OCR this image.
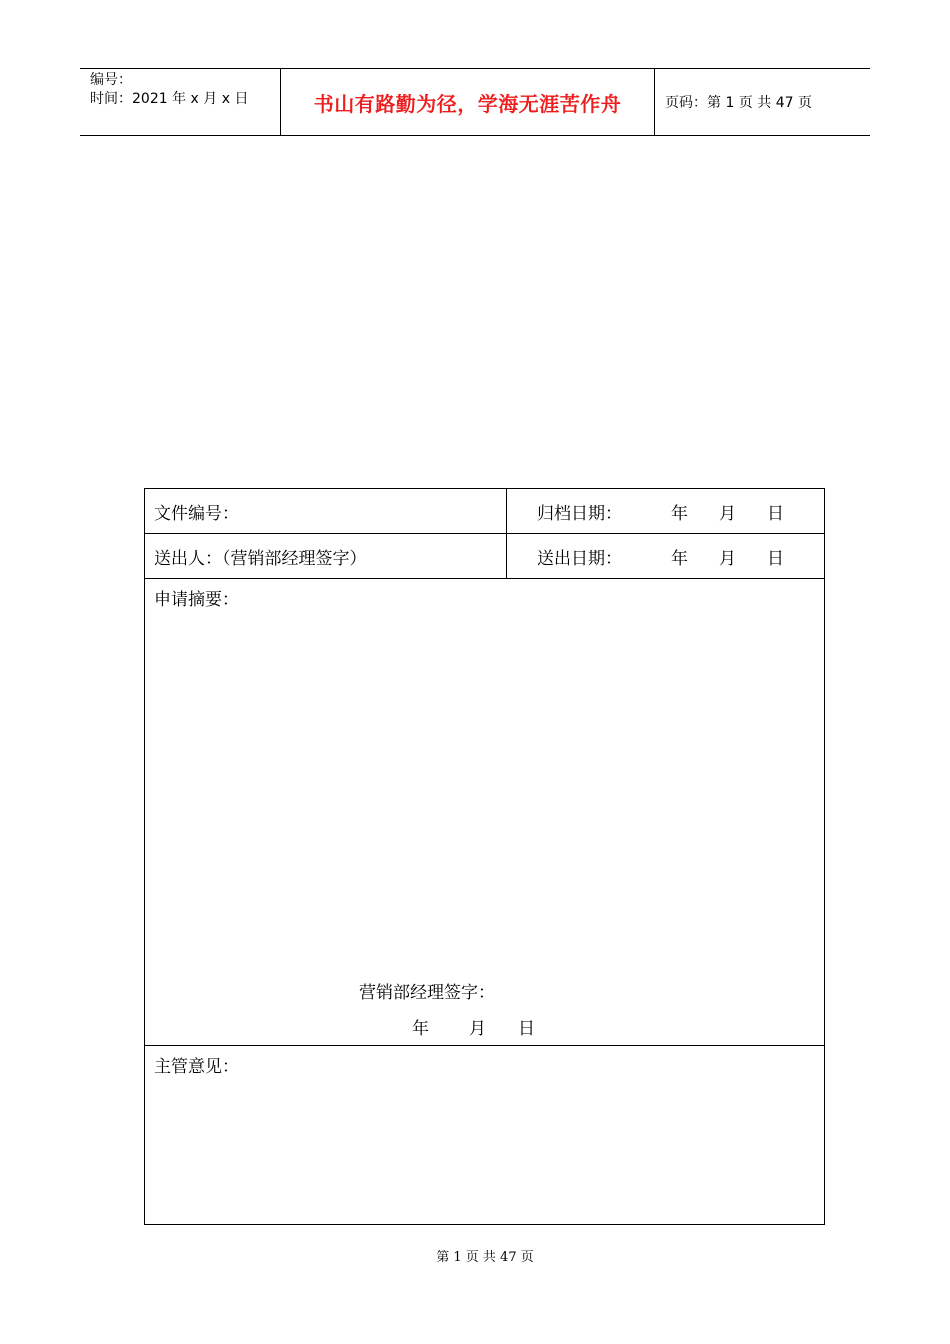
编号：
时间：2021 年 x 月 x 日	书山有路勤为径，学海无涯苦作舟	页码：第 1 页 共 47 页
文件编号：	归档日期：	年 月 日
送出人：（营销部经理签字）	送出日期：	年 月 日
申请摘要：
营销部经理签字：
年 月 日
主管意见：
第 1 页 共 47 页
